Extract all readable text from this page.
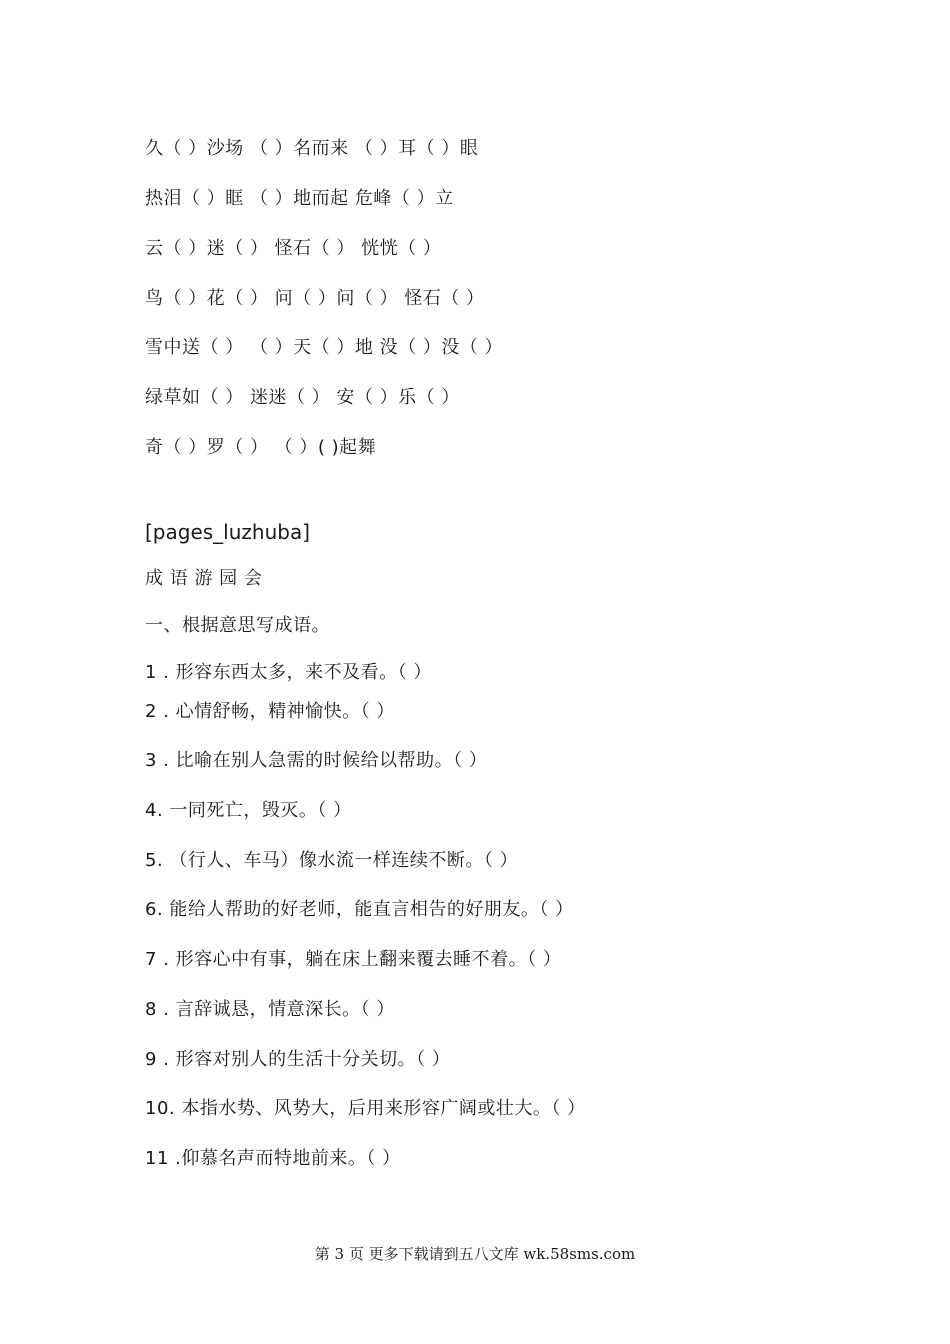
久（ ）沙场 （ ）名而来 （ ）耳（ ）眼
热泪（ ）眶 （ ）地而起 危峰（ ）立
云（ ）迷（ ） 怪石（ ） 恍恍（ ）
鸟（ ）花（ ） 问（ ）问（ ） 怪石（ ）
雪中送（ ） （ ）天（ ）地 没（ ）没（ ）
绿草如（ ） 迷迷（ ） 安（ ）乐（ ）
奇（ ）罗（ ） （ ）( )起舞
[pages_luzhuba]
成 语 游 园 会
一、根据意思写成语。
1 . 形容东西太多，来不及看。（ ）
2 . 心情舒畅，精神愉快。（ ）
3 . 比喻在别人急需的时候给以帮助。（ ）
4. 一同死亡，毁灭。（ ）
5. （行人、车马）像水流一样连续不断。（ ）
6. 能给人帮助的好老师，能直言相告的好朋友。（ ）
7 . 形容心中有事，躺在床上翻来覆去睡不着。（ ）
8 . 言辞诚恳，情意深长。（ ）
9 . 形容对别人的生活十分关切。（ ）
10. 本指水势、风势大，后用来形容广阔或壮大。（ ）
11 .仰慕名声而特地前来。（ ）
第 3 页 更多下载请到五八文库 wk.58sms.com
